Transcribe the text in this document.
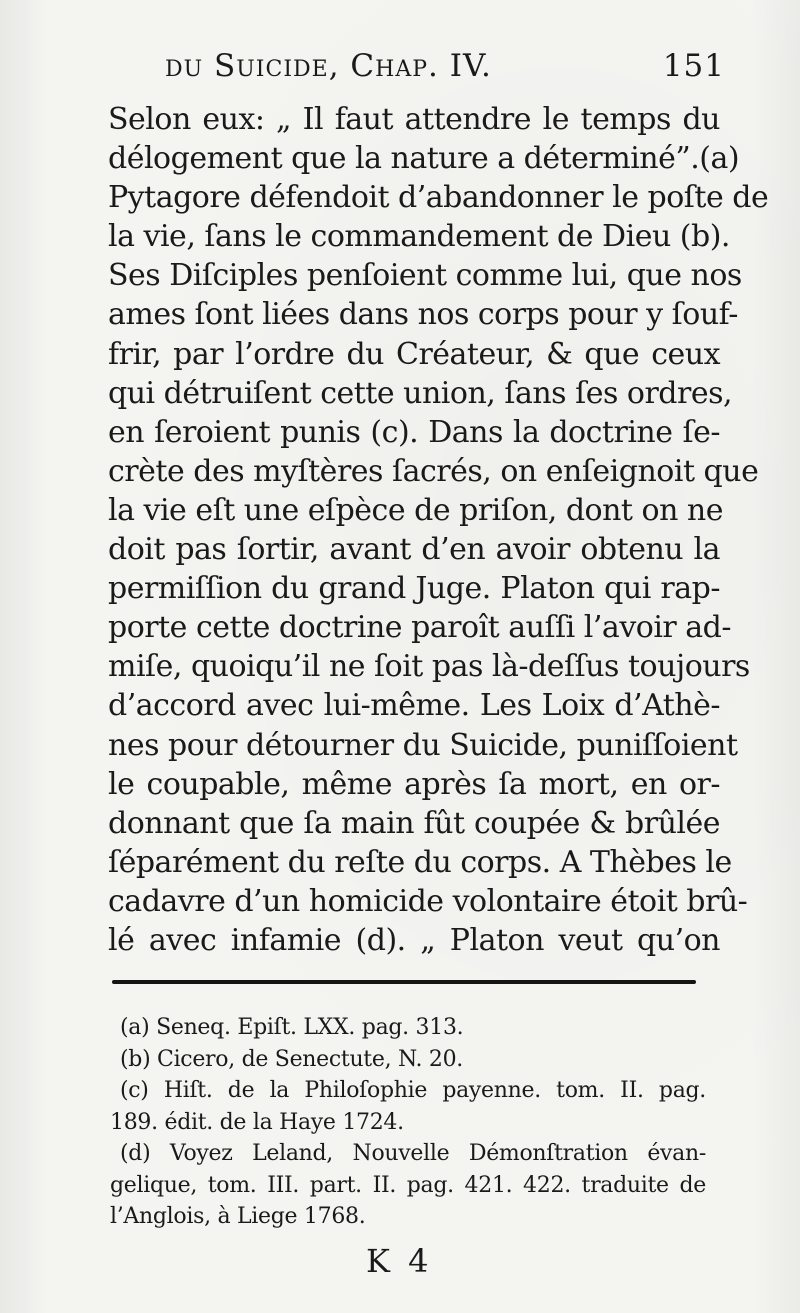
du Suicide, Chap. IV.	151
Selon eux: „ Il faut attendre le temps du
délogement que la nature a déterminé”.(a)
Pytagore défendoit d’abandonner le poſte de
la vie, ſans le commandement de Dieu (b).
Ses Diſciples penſoient comme lui, que nos
ames ſont liées dans nos corps pour y ſouf-
frir, par l’ordre du Créateur, & que ceux
qui détruiſent cette union, ſans ſes ordres,
en ſeroient punis (c). Dans la doctrine ſe-
crète des myſtères ſacrés, on enſeignoit que
la vie eſt une eſpèce de priſon, dont on ne
doit pas ſortir, avant d’en avoir obtenu la
permiſſion du grand Juge. Platon qui rap-
porte cette doctrine paroît auſſi l’avoir ad-
miſe, quoiqu’il ne ſoit pas là-deſſus toujours
d’accord avec lui-même. Les Loix d’Athè-
nes pour détourner du Suicide, puniſſoient
le coupable, même après ſa mort, en or-
donnant que ſa main fût coupée & brûlée
ſéparément du reſte du corps. A Thèbes le
cadavre d’un homicide volontaire étoit brû-
lé avec infamie (d). „ Platon veut qu’on
(a) Seneq. Epiſt. LXX. pag. 313.
(b) Cicero, de Senectute, N. 20.
(c) Hiſt. de la Philoſophie payenne. tom. II. pag.
189. édit. de la Haye 1724.
(d) Voyez Leland, Nouvelle Démonſtration évan-
gelique, tom. III. part. II. pag. 421. 422. traduite de
l’Anglois, à Liege 1768.
K 4
